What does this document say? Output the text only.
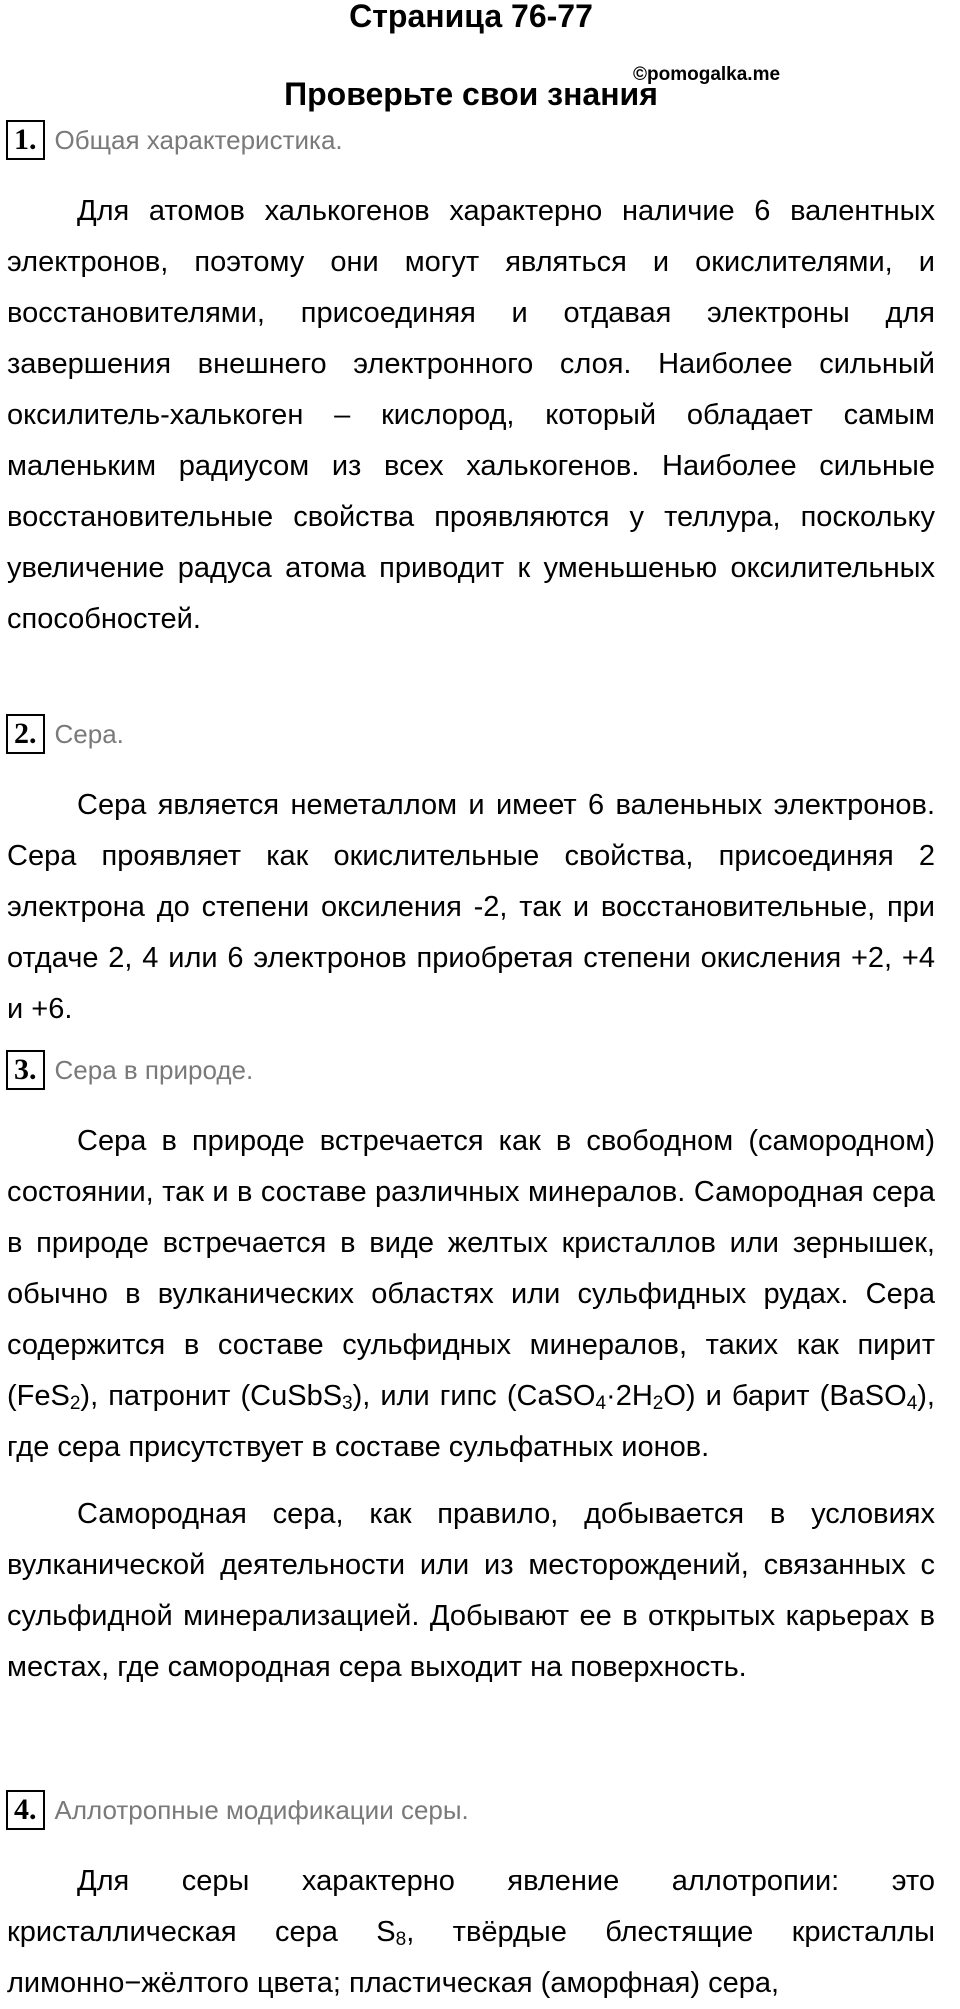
Страница 76-77
Проверьте свои знания
©pomogalka.me
1. Общая характеристика.

Для атомов халькогенов характерно наличие 6 валентных электронов, поэтому они могут являться и окислителями, и восстановителями, присоединяя и отдавая электроны для завершения внешнего электронного слоя. Наиболее сильный оксилитель-халькоген – кислород, который обладает самым маленьким радиусом из всех халькогенов. Наиболее сильные восстановительные свойства проявляются у теллура, поскольку увеличение радуса атома приводит к уменьшенью оксилительных способностей.

2. Сера.

Сера является неметаллом и имеет 6 валеньных электронов. Сера проявляет как окислительные свойства, присоединяя 2 электрона до степени оксиления -2, так и восстановительные, при отдаче 2, 4 или 6 электронов приобретая степени окисления +2, +4 и +6.

3. Сера в природе.

Сера в природе встречается как в свободном (самородном) состоянии, так и в составе различных минералов. Самородная сера в природе встречается в виде желтых кристаллов или зернышек, обычно в вулканических областях или сульфидных рудах. Сера содержится в составе сульфидных минералов, таких как пирит (FeS$_2$), патронит (CuSbS$_3$), или гипс $(CaSO_4\cdot 2H_2O)$ и барит (BaSO$_4$), где сера присутствует в составе сульфатных ионов.

Самородная сера, как правило, добывается в условиях вулканической деятельности или из месторождений, связанных с сульфидной минерализацией. Добывают ее в открытых карьерах в местах, где самородная сера выходит на поверхность.

4. Аллотропные модификации серы.

Для серы характерно явление аллотропии: это кристаллическая сера $S_8$, твёрдые блестящие кристаллы лимонно−жёлтого цвета; пластическая (аморфная) сера,
